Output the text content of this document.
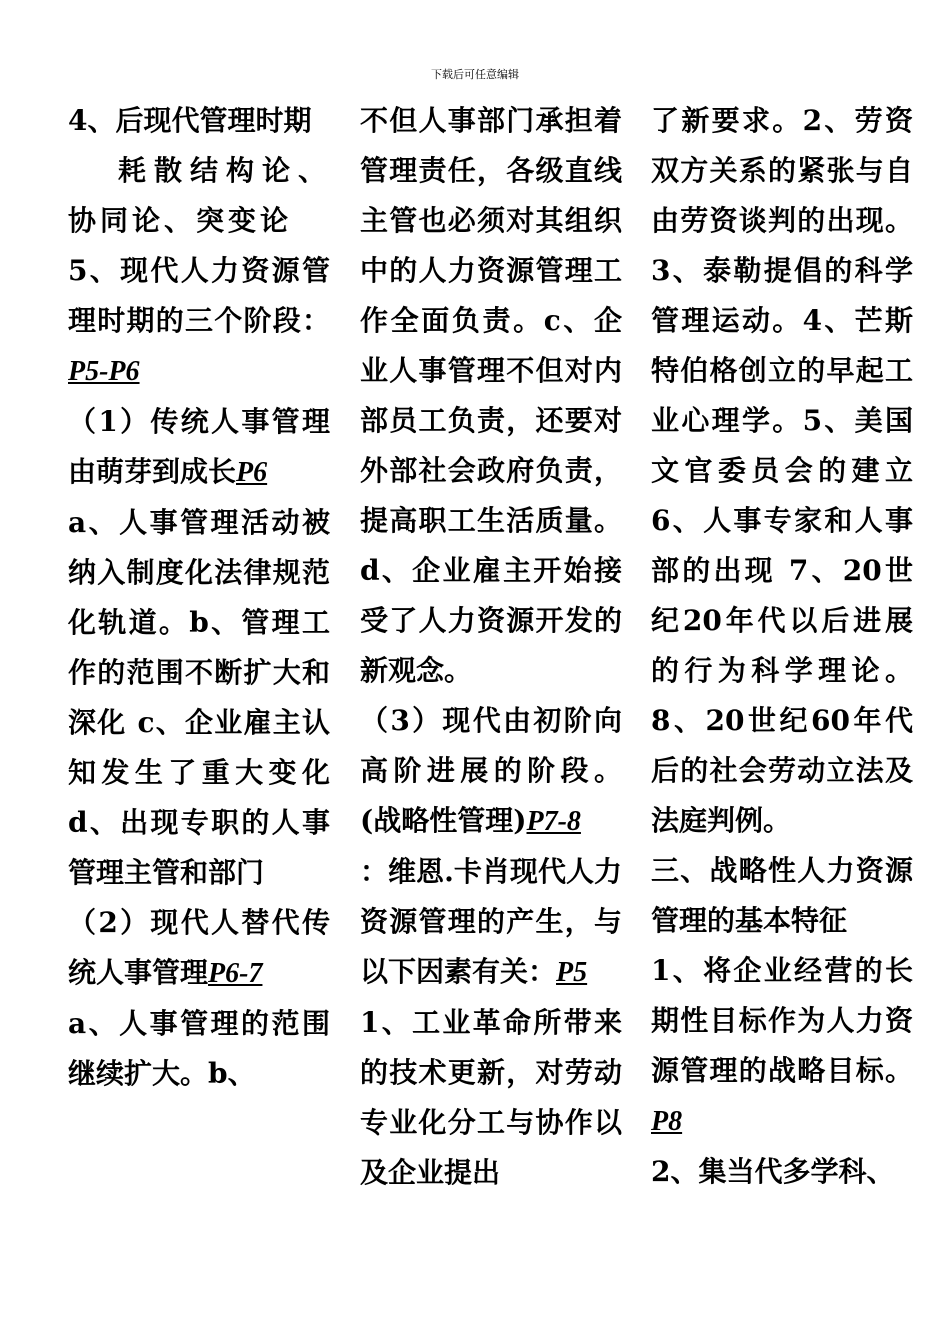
下载后可任意编辑

4、后现代管理时期

耗散结构论、协同论、突变论

5、现代人力资源管理时期的三个阶段：P5-P6

（1）传统人事管理由萌芽到成长P6

a、人事管理活动被纳入制度化法律规范化轨道。b、管理工作的范围不断扩大和深化 c、企业雇主认知发生了重大变化 d、出现专职的人事管理主管和部门

（2）现代人替代传统人事管理P6-7

a、人事管理的范围继续扩大。b、

不但人事部门承担着管理责任，各级直线主管也必须对其组织中的人力资源管理工作全面负责。c、企业人事管理不但对内部员工负责，还要对外部社会政府负责，提高职工生活质量。d、企业雇主开始接受了人力资源开发的新观念。

（3）现代由初阶向高阶进展的阶段。(战略性管理)P7-8

：维恩.卡肖现代人力资源管理的产生，与以下因素有关：P5

1、工业革命所带来的技术更新，对劳动专业化分工与协作以及企业提出

了新要求。2、劳资双方关系的紧张与自由劳资谈判的出现。3、泰勒提倡的科学管理运动。4、芒斯特伯格创立的早起工业心理学。5、美国文官委员会的建立 6、人事专家和人事部的出现 7、20世纪20年代以后进展的行为科学理论。8、20世纪60年代后的社会劳动立法及法庭判例。

三、战略性人力资源管理的基本特征

1、将企业经营的长期性目标作为人力资源管理的战略目标。P8

2、集当代多学科、
